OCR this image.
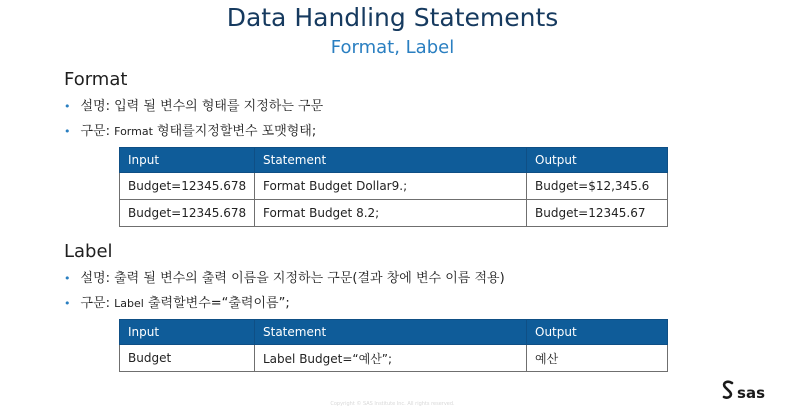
Data Handling Statements
Format, Label
Format
• 설명: 입력 될 변수의 형태를 지정하는 구문
• 구문: Format 형태를지정할변수 포맷형태;
Input	Statement	Output
Budget=12345.678	Format Budget Dollar9.;	Budget=$12,345.6
Budget=12345.678	Format Budget 8.2;	Budget=12345.67
Label
• 설명: 출력 될 변수의 출력 이름을 지정하는 구문(결과 창에 변수 이름 적용)
• 구문: Label 출력할변수=“출력이름”;
Input	Statement	Output
Budget	Label Budget=“예산”;	예산
Copyright © SAS Institute Inc. All rights reserved.
sas
